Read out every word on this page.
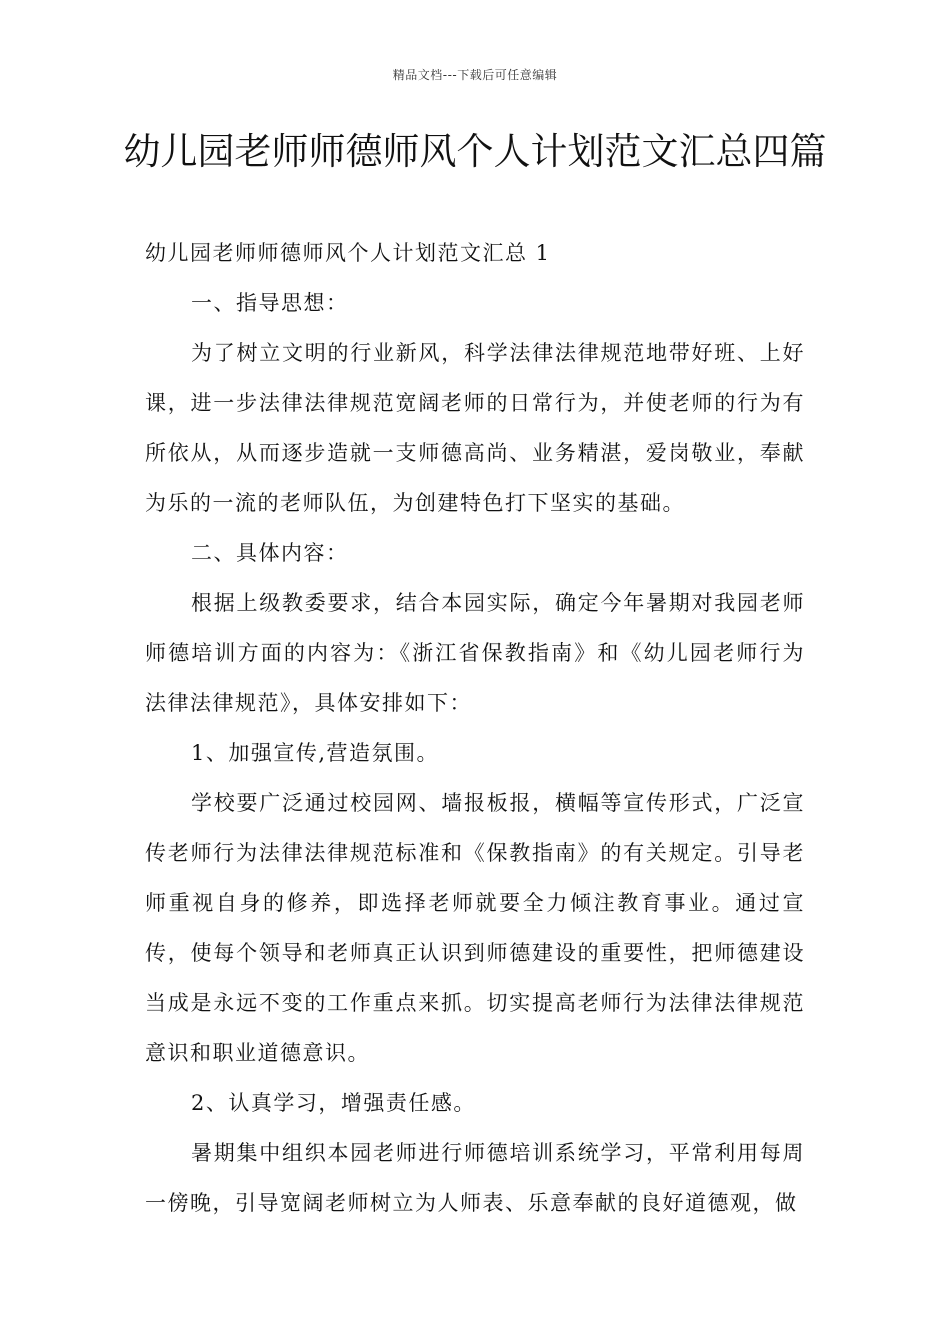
精品文档---下载后可任意编辑
幼儿园老师师德师风个人计划范文汇总四篇

幼儿园老师师德师风个人计划范文汇总 1

一、指导思想：

为了树立文明的行业新风，科学法律法律规范地带好班、上好课，进一步法律法律规范宽阔老师的日常行为，并使老师的行为有所依从，从而逐步造就一支师德高尚、业务精湛，爱岗敬业，奉献为乐的一流的老师队伍，为创建特色打下坚实的基础。

二、具体内容：

根据上级教委要求，结合本园实际，确定今年暑期对我园老师师德培训方面的内容为：《浙江省保教指南》和《幼儿园老师行为法律法律规范》，具体安排如下：

1、加强宣传,营造氛围。

学校要广泛通过校园网、墙报板报，横幅等宣传形式，广泛宣传老师行为法律法律规范标准和《保教指南》的有关规定。引导老师重视自身的修养，即选择老师就要全力倾注教育事业。通过宣传，使每个领导和老师真正认识到师德建设的重要性，把师德建设当成是永远不变的工作重点来抓。切实提高老师行为法律法律规范意识和职业道德意识。

2、认真学习，增强责任感。

暑期集中组织本园老师进行师德培训系统学习，平常利用每周一傍晚，引导宽阔老师树立为人师表、乐意奉献的良好道德观，做
